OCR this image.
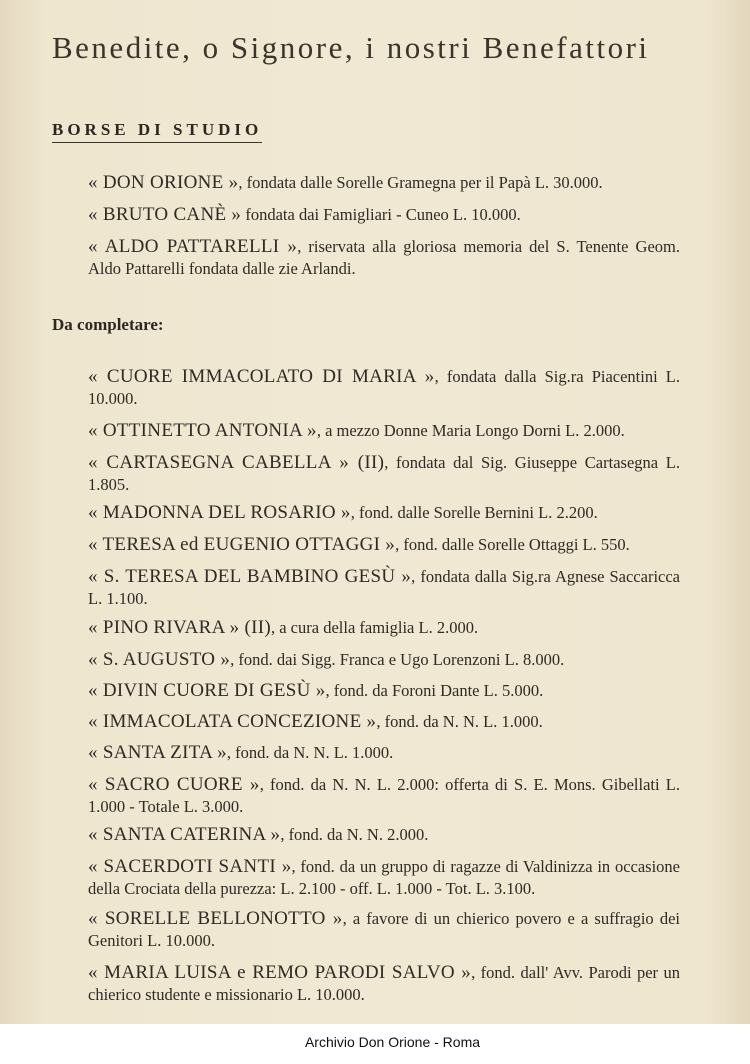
Benedite, o Signore, i nostri Benefattori
BORSE DI STUDIO
« DON ORIONE », fondata dalle Sorelle Gramegna per il Papà L. 30.000.
« BRUTO CANÈ » fondata dai Famigliari - Cuneo L. 10.000.
« ALDO PATTARELLI », riservata alla gloriosa memoria del S. Tenente Geom. Aldo Pattarelli fondata dalle zie Arlandi.
Da completare:
« CUORE IMMACOLATO DI MARIA », fondata dalla Sig.ra Piacentini L. 10.000.
« OTTINETTO ANTONIA », a mezzo Donne Maria Longo Dorni L. 2.000.
« CARTASEGNA CABELLA » (II), fondata dal Sig. Giuseppe Cartasegna L. 1.805.
« MADONNA DEL ROSARIO », fond. dalle Sorelle Bernini L. 2.200.
« TERESA ed EUGENIO OTTAGGI », fond. dalle Sorelle Ottaggi L. 550.
« S. TERESA DEL BAMBINO GESÙ », fondata dalla Sig.ra Agnese Saccaricca L. 1.100.
« PINO RIVARA » (II), a cura della famiglia L. 2.000.
« S. AUGUSTO », fond. dai Sigg. Franca e Ugo Lorenzoni L. 8.000.
« DIVIN CUORE DI GESÙ », fond. da Foroni Dante L. 5.000.
« IMMACOLATA CONCEZIONE », fond. da N. N. L. 1.000.
« SANTA ZITA », fond. da N. N. L. 1.000.
« SACRO CUORE », fond. da N. N. L. 2.000: offerta di S. E. Mons. Gibellati L. 1.000 - Totale L. 3.000.
« SANTA CATERINA », fond. da N. N. 2.000.
« SACERDOTI SANTI », fond. da un gruppo di ragazze di Valdinizza in occasione della Crociata della purezza: L. 2.100 - off. L. 1.000 - Tot. L. 3.100.
« SORELLE BELLONOTTO », a favore di un chierico povero e a suffragio dei Genitori L. 10.000.
« MARIA LUISA e REMO PARODI SALVO », fond. dall' Avv. Parodi per un chierico studente e missionario L. 10.000.
Archivio Don Orione - Roma
